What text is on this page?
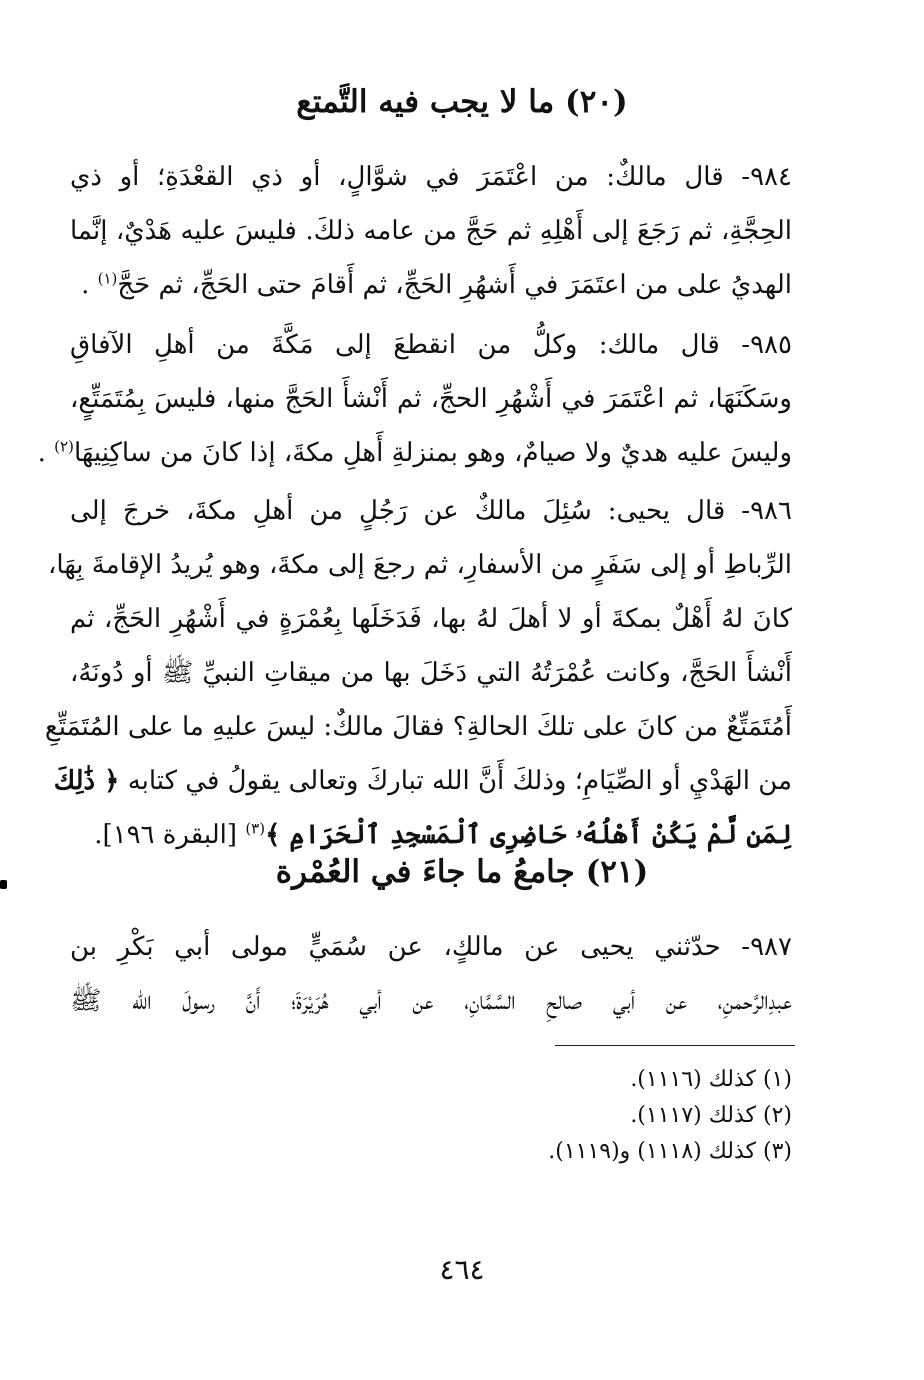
(٢٠) ما لا يجب فيه التَّمتع
٩٨٤- قال مالكٌ: من اعْتَمَرَ في شوَّالٍ، أو ذي القعْدَةِ؛ أو ذي
الحِجَّةِ، ثم رَجَعَ إلى أَهْلِهِ ثم حَجَّ من عامه ذلكَ. فليسَ عليه هَدْيٌ، إنَّما
الهديُ على من اعتَمَرَ في أَشهُرِ الحَجِّ، ثم أَقامَ حتى الحَجِّ، ثم حَجَّ$^{(١)}$ .
٩٨٥- قال مالك: وكلُّ من انقطعَ إلى مَكَّةَ من أهلِ الآفاقِ
وسَكَنَهَا، ثم اعْتَمَرَ في أَشْهُرِ الحجِّ، ثم أَنْشأَ الحَجَّ منها، فليسَ بِمُتَمَتِّعٍ،
وليسَ عليه هديٌ ولا صيامٌ، وهو بمنزلةِ أَهلِ مكةَ، إذا كانَ من ساكِنِيهَا$^{(٢)}$ .
٩٨٦- قال يحيى: سُئِلَ مالكٌ عن رَجُلٍ من أهلِ مكةَ، خرجَ إلى
الرِّباطِ أو إلى سَفَرٍ من الأسفارِ، ثم رجعَ إلى مكةَ، وهو يُريدُ الإقامةَ بِهَا،
كانَ لهُ أَهْلٌ بمكةَ أو لا أهلَ لهُ بها، فَدَخَلَها بِعُمْرَةٍ في أَشْهُرِ الحَجِّ، ثم
أَنْشأَ الحَجَّ، وكانت عُمْرَتُهُ التي دَخَلَ بها من ميقاتِ النبيِّ ﷺ أو دُونَهُ،
أَمُتَمَتِّعٌ من كانَ على تلكَ الحالةِ؟ فقالَ مالكٌ: ليسَ عليهِ ما على المُتَمَتِّعِ
من الهَدْيِ أو الصِّيَامِ؛ وذلكَ أَنَّ الله تباركَ وتعالى يقولُ في كتابه ﴿ ذَٰلِكَ
لِمَن لَّمْ يَكُنْ أَهْلُهُۥ حَاضِرِى ٱلْمَسْجِدِ ٱلْحَرَامِ ﴾$^{(٣)}$ [البقرة ١٩٦].
(٢١) جامعُ ما جاءَ في العُمْرة
٩٨٧- حدّثني يحيى عن مالكٍ، عن سُمَيٍّ مولى أبي بَكْرِ بن
عبدِالرَّحمنِ، عن أبي صالحِ السَّمَّانِ، عن أبي هُرَيْرَةَ؛ أَنَّ رسولَ الله ﷺ
(١) كذلك (١١١٦).
(٢) كذلك (١١١٧).
(٣) كذلك (١١١٨) و(١١١٩).
٤٦٤
